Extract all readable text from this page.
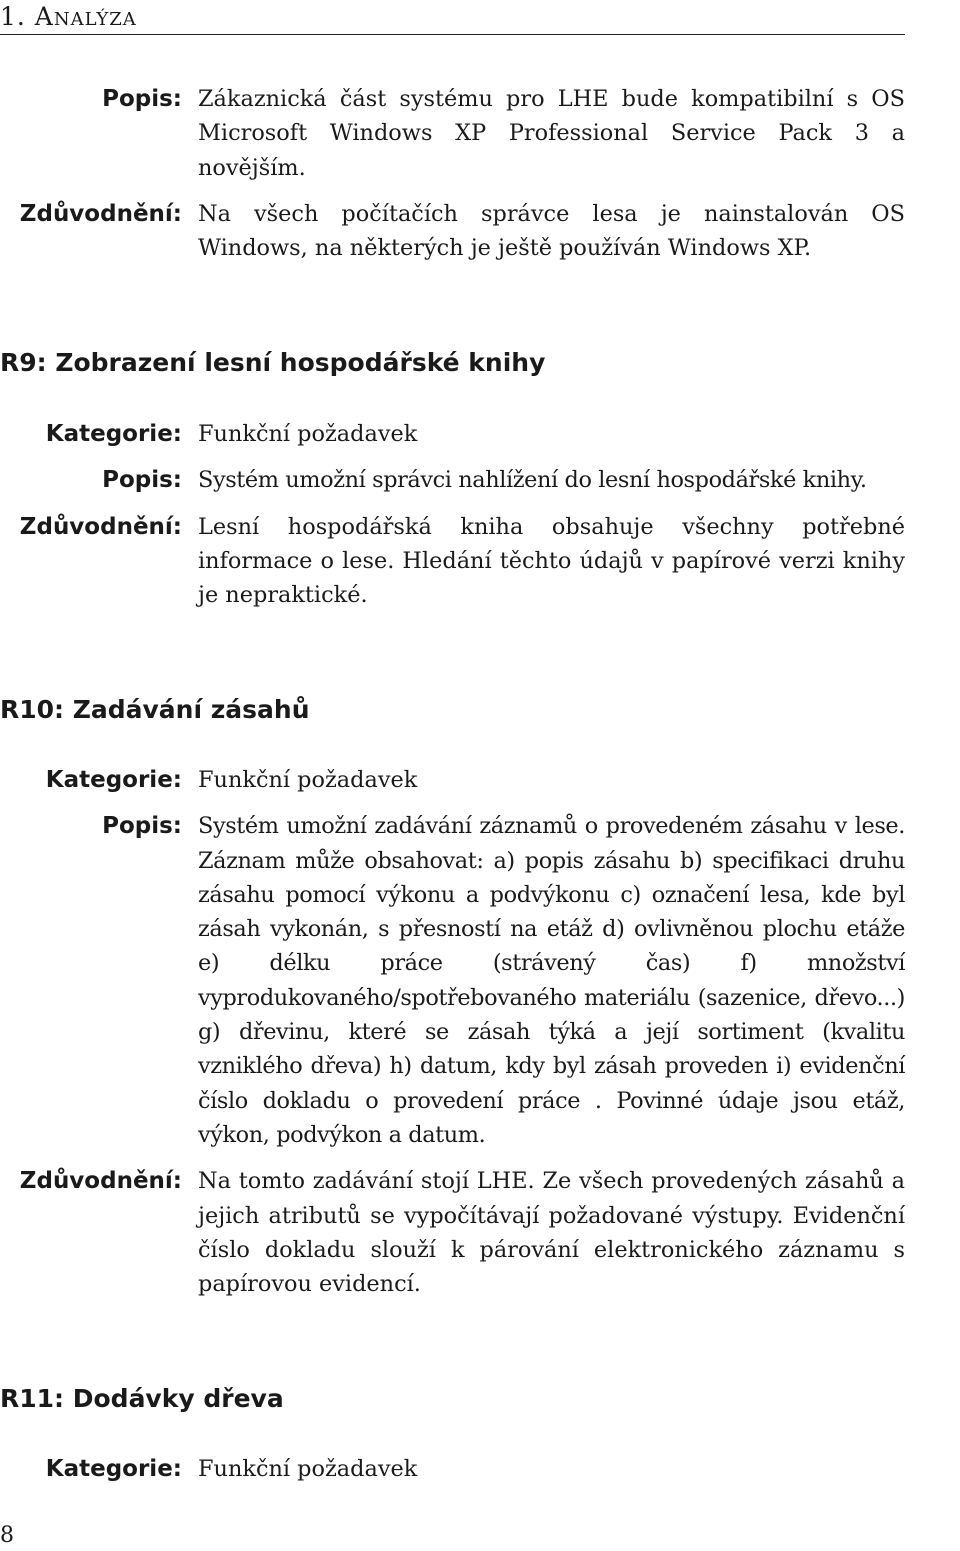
1. Analýza
Popis: Zákaznická část systému pro LHE bude kompatibilní s OS Microsoft Windows XP Professional Service Pack 3 a novějším.
Zdůvodnění: Na všech počítačích správce lesa je nainstalován OS Windows, na některých je ještě používán Windows XP.
R9: Zobrazení lesní hospodářské knihy
Kategorie: Funkční požadavek
Popis: Systém umožní správci nahlížení do lesní hospodářské knihy.
Zdůvodnění: Lesní hospodářská kniha obsahuje všechny potřebné informace o lese. Hledání těchto údajů v papírové verzi knihy je nepraktické.
R10: Zadávání zásahů
Kategorie: Funkční požadavek
Popis: Systém umožní zadávání záznamů o provedeném zásahu v lese. Záznam může obsahovat: a) popis zásahu b) specifikaci druhu zásahu pomocí výkonu a podvýkonu c) označení lesa, kde byl zásah vykonán, s přesností na etáž d) ovlivněnou plochu etáže e) délku práce (strávený čas) f) množství vyprodukovaného/spotřebovaného materiálu (sazenice, dřevo...) g) dřevinu, které se zásah týká a její sortiment (kvalitu vzniklého dřeva) h) datum, kdy byl zásah proveden i) evidenční číslo dokladu o provedení práce . Povinné údaje jsou etáž, výkon, podvýkon a datum.
Zdůvodnění: Na tomto zadávání stojí LHE. Ze všech provedených zásahů a jejich atributů se vypočítávají požadované výstupy. Evidenční číslo dokladu slouží k párování elektronického záznamu s papírovou evidencí.
R11: Dodávky dřeva
Kategorie: Funkční požadavek
8
